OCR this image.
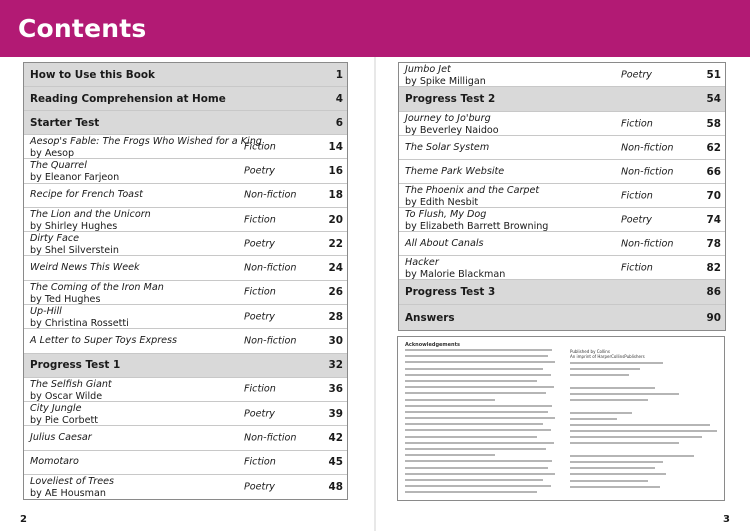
Contents
How to Use this Book	1
Reading Comprehension at Home	4
Starter Test	6
Aesop's Fable: The Frogs Who Wished for a King
by Aesop
Fiction	14
The Quarrel
by Eleanor Farjeon
Poetry	16
Recipe for French Toast	Non-fiction	18
The Lion and the Unicorn
by Shirley Hughes
Fiction	20
Dirty Face
by Shel Silverstein
Poetry	22
Weird News This Week	Non-fiction	24
The Coming of the Iron Man
by Ted Hughes
Fiction	26
Up-Hill
by Christina Rossetti
Poetry	28
A Letter to Super Toys Express	Non-fiction	30
Progress Test 1	32
The Selfish Giant
by Oscar Wilde
Fiction	36
City Jungle
by Pie Corbett
Poetry	39
Julius Caesar	Non-fiction	42
Momotaro	Fiction	45
Loveliest of Trees
by AE Housman
Poetry	48
Jumbo Jet
by Spike Milligan
Poetry	51
Progress Test 2	54
Journey to Jo'burg
by Beverley Naidoo
Fiction	58
The Solar System	Non-fiction	62
Theme Park Website	Non-fiction	66
The Phoenix and the Carpet
by Edith Nesbit
Fiction	70
To Flush, My Dog
by Elizabeth Barrett Browning
Poetry	74
All About Canals	Non-fiction	78
Hacker
by Malorie Blackman
Fiction	82
Progress Test 3	86
Answers	90
Acknowledgements
Published by Collins
An imprint of HarperCollinsPublishers
2	3
